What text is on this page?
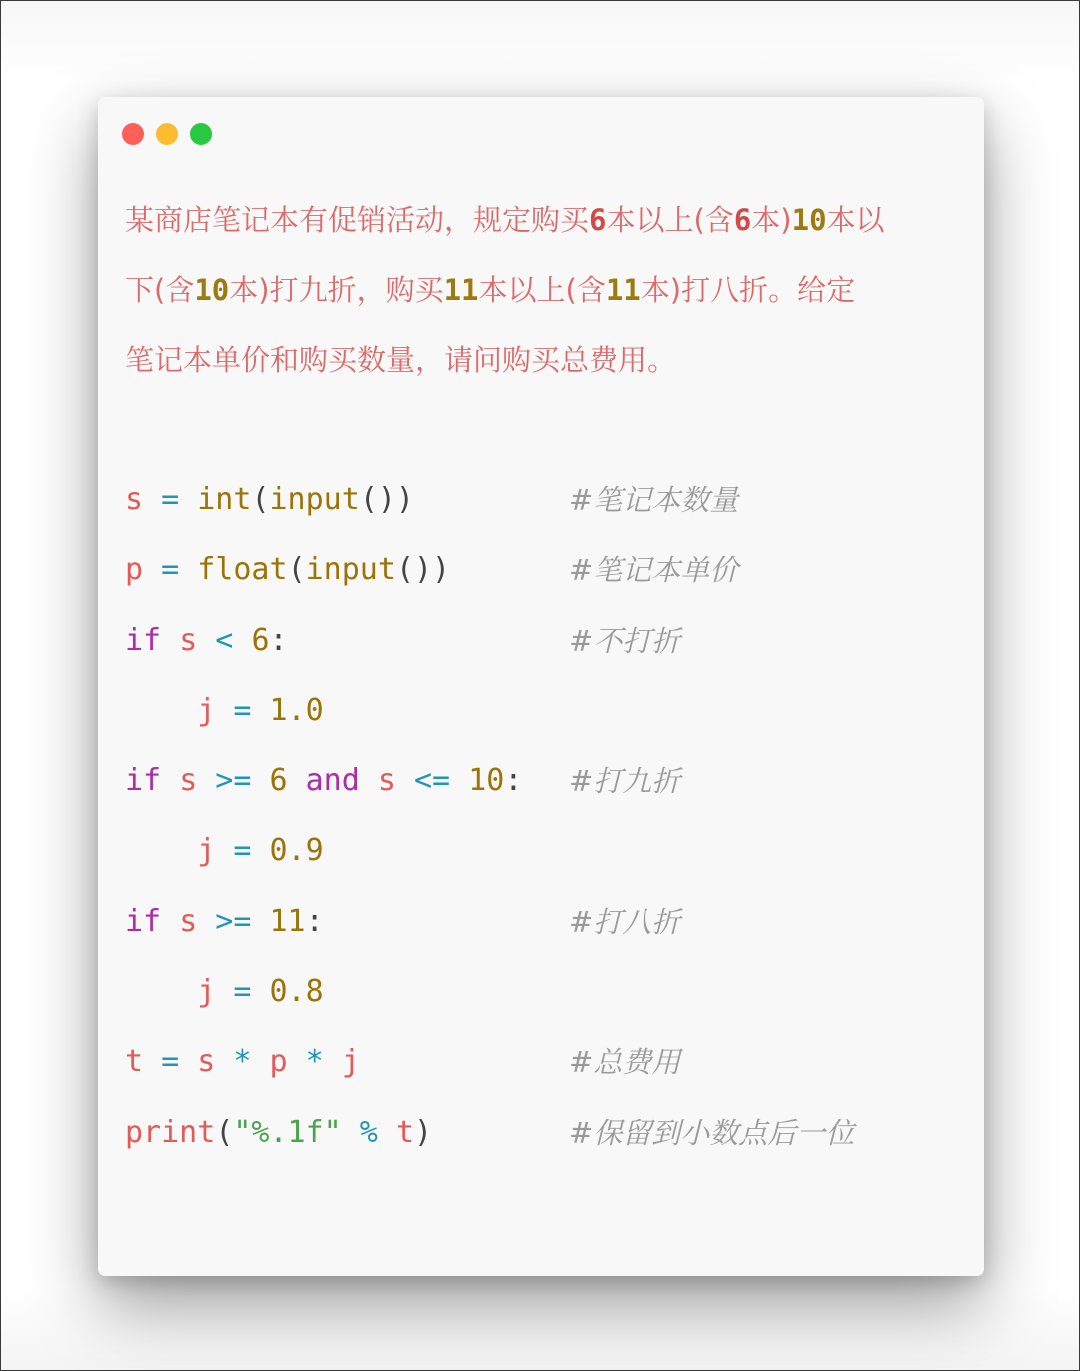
某商店笔记本有促销活动，规定购买6本以上(含6本)10本以
下(含10本)打九折，购买11本以上(含11本)打八折。给定
笔记本单价和购买数量，请问购买总费用。
s = int(input())	#笔记本数量
p = float(input())	#笔记本单价
if s < 6:	#不打折
j = 1.0
if s >= 6 and s <= 10: #打九折
j = 0.9
if s >= 11:	#打八折
j = 0.8
t = s * p * j	#总费用
print("%.1f" % t)	#保留到小数点后一位
